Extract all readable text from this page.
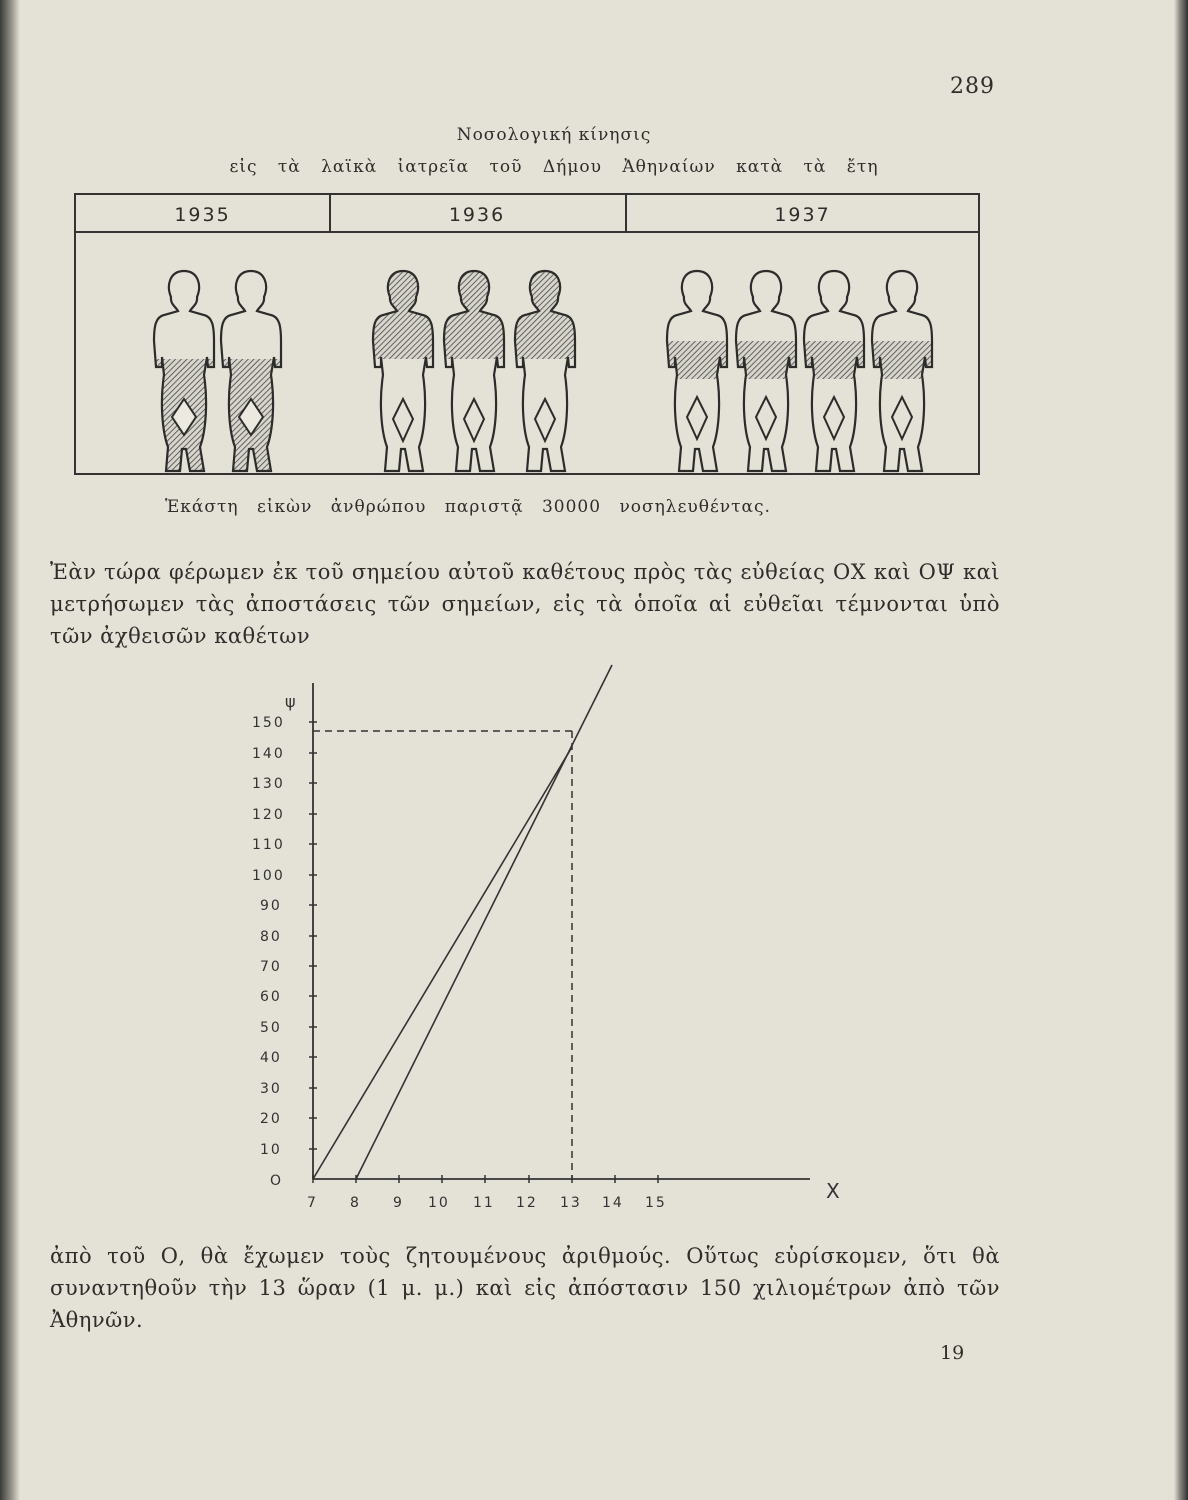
289
Νοσολογική κίνησις
εἰς τὰ λαϊκὰ ἰατρεῖα τοῦ Δήμου Ἀθηναίων κατὰ τὰ ἔτη
1935	1936	1937
Ἑκάστη εἰκὼν ἀνθρώπου παριστᾷ 30000 νοσηλευθέντας.
Ἐὰν τώρα φέρωμεν ἐκ τοῦ σημείου αὐτοῦ καθέτους πρὸς τὰς εὐθείας ΟΧ καὶ ΟΨ καὶ μετρήσωμεν τὰς ἀποστάσεις τῶν σημείων, εἰς τὰ ὁποῖα αἱ εὐθεῖαι τέμνονται ὑπὸ τῶν ἀχθεισῶν καθέτων
ψ
X
O
10
20
30
40
50
60
70
80
90
100
110
120
130
140
150
7 8 9 10 11 12 13 14 15
ἀπὸ τοῦ Ο, θὰ ἔχωμεν τοὺς ζητουμένους ἀριθμούς. Οὕτως εὑρίσκομεν, ὅτι θὰ συναντηθοῦν τὴν 13 ὥραν (1 μ. μ.) καὶ εἰς ἀπόστασιν 150 χιλιομέτρων ἀπὸ τῶν Ἀθηνῶν.
19
